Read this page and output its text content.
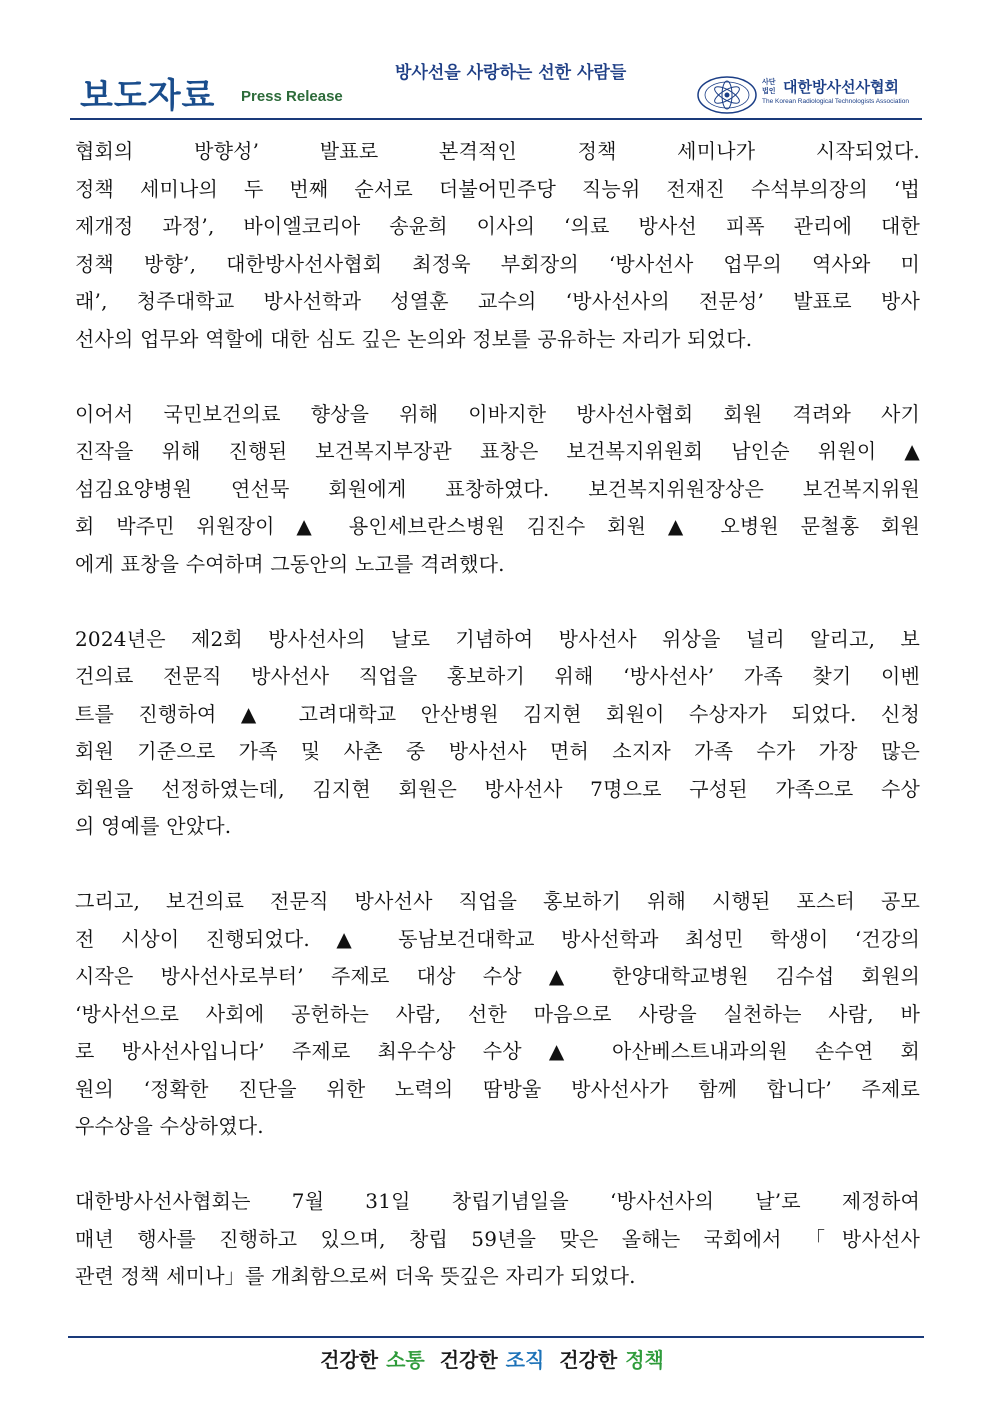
보도자료 Press Release
방사선을 사랑하는 선한 사람들	사단법인 대한방사선사협회
The Korean Radiological Technologists Association

협회의 방향성’ 발표로 본격적인 정책 세미나가 시작되었다.

정책 세미나의 두 번째 순서로 더불어민주당 직능위 전재진 수석부의장의 ‘법

제개정 과정’, 바이엘코리아 송윤희 이사의 ‘의료 방사선 피폭 관리에 대한

정책 방향’, 대한방사선사협회 최정욱 부회장의 ‘방사선사 업무의 역사와 미

래’, 청주대학교 방사선학과 성열훈 교수의 ‘방사선사의 전문성’ 발표로 방사

선사의 업무와 역할에 대한 심도 깊은 논의와 정보를 공유하는 자리가 되었다.

이어서 국민보건의료 향상을 위해 이바지한 방사선사협회 회원 격려와 사기

진작을 위해 진행된 보건복지부장관 표창은 보건복지위원회 남인순 위원이 ▲

섬김요양병원 연선묵 회원에게 표창하였다. 보건복지위원장상은 보건복지위원

회 박주민 위원장이 ▲ 용인세브란스병원 김진수 회원 ▲ 오병원 문철홍 회원

에게 표창을 수여하며 그동안의 노고를 격려했다.

2024년은 제2회 방사선사의 날로 기념하여 방사선사 위상을 널리 알리고, 보

건의료 전문직 방사선사 직업을 홍보하기 위해 ‘방사선사’ 가족 찾기 이벤

트를 진행하여 ▲ 고려대학교 안산병원 김지현 회원이 수상자가 되었다. 신청

회원 기준으로 가족 및 사촌 중 방사선사 면허 소지자 가족 수가 가장 많은

회원을 선정하였는데, 김지현 회원은 방사선사 7명으로 구성된 가족으로 수상

의 영예를 안았다.

그리고, 보건의료 전문직 방사선사 직업을 홍보하기 위해 시행된 포스터 공모

전 시상이 진행되었다. ▲ 동남보건대학교 방사선학과 최성민 학생이 ‘건강의

시작은 방사선사로부터’ 주제로 대상 수상 ▲ 한양대학교병원 김수섭 회원의

‘방사선으로 사회에 공헌하는 사람, 선한 마음으로 사랑을 실천하는 사람, 바

로 방사선사입니다’ 주제로 최우수상 수상 ▲ 아산베스트내과의원 손수연 회

원의 ‘정확한 진단을 위한 노력의 땀방울 방사선사가 함께 합니다’ 주제로

우수상을 수상하였다.

대한방사선사협회는 7월 31일 창립기념일을 ‘방사선사의 날’로 제정하여

매년 행사를 진행하고 있으며, 창립 59년을 맞은 올해는 국회에서 「방사선사

관련 정책 세미나」를 개최함으로써 더욱 뜻깊은 자리가 되었다.

건강한 소통 건강한 조직 건강한 정책
